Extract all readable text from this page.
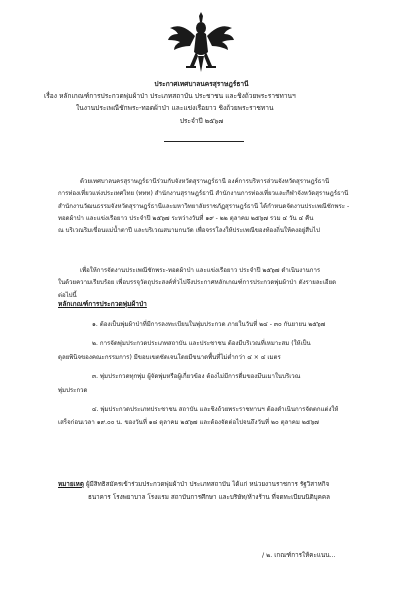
ประกาศเทศบาลนครสุราษฎร์ธานี
เรื่อง หลักเกณฑ์การประกวดพุ่มผ้าป่า ประเภทสถาบัน ประชาชน และชิงถ้วยพระราชทานฯ
ในงานประเพณีชักพระ-ทอดผ้าป่า และแข่งเรือยาว ชิงถ้วยพระราชทาน
ประจำปี ๒๕๖๗
ด้วยเทศบาลนครสุราษฎร์ธานีร่วมกับจังหวัดสุราษฎร์ธานี องค์การบริหารส่วนจังหวัดสุราษฎร์ธานี
การท่องเที่ยวแห่งประเทศไทย (ททท) สำนักงานสุราษฎร์ธานี สำนักงานการท่องเที่ยวและกีฬาจังหวัดสุราษฎร์ธานี
สำนักงานวัฒนธรรมจังหวัดสุราษฎร์ธานีและมหาวิทยาลัยราชภัฏสุราษฎร์ธานี ได้กำหนดจัดงานประเพณีชักพระ -
ทอดผ้าป่า และแข่งเรือยาว ประจำปี ๒๕๖๗ ระหว่างวันที่ ๑๙ - ๒๒ ตุลาคม ๒๕๖๗ รวม ๔ วัน ๔ คืน
ณ บริเวณริมเขื่อนแม่น้ำตาปี และบริเวณสนามกนวัด เพื่อจรรโลงให้ประเพณีของท้องถิ่นให้คงอยู่สืบไป
เพื่อให้การจัดงานประเพณีชักพระ-ทอดผ้าป่า และแข่งเรือยาว ประจำปี ๒๕๖๗ ดำเนินงานการ
ในด้วยความเรียบร้อย เพื่อบรรจุวัตถุประสงค์ทั่วไปจึงประกาศหลักเกณฑ์การประกวดพุ่มผ้าป่า ดังรายละเอียด
ต่อไปนี้
หลักเกณฑ์การประกวดพุ่มผ้าป่า
๑. ต้องเป็นพุ่มผ้าป่าที่มีการลงทะเบียนในพุ่มประกวด ภายในวันที่ ๒๔ - ๓๐ กันยายน ๒๕๖๗
๒. การจัดพุ่มประกวดประเภทสถาบัน และประชาชน ต้องมีบริเวณที่เหมาะสม (ให้เป็น
ดุลยพินิจของคณะกรรมการ) มีขอบเขตชัดเจนโดยมีขนาดพื้นที่ไม่ต่ำกว่า ๔ × ๔ เมตร
๓. พุ่มประกวดทุกพุ่ม ผู้จัดพุ่มหรือผู้เกี่ยวข้อง ต้องไม่มีการดื่มของมึนเมาในบริเวณ
พุ่มประกวด
๔. พุ่มประกวดประเภทประชาชน สถาบัน และชิงถ้วยพระราชทานฯ ต้องดำเนินการจัดตกแต่งให้
เสร็จก่อนเวลา ๑๙.๐๐ น. ของวันที่ ๑๘ ตุลาคม ๒๕๖๗ และต้องจัดต่อไปจนถึงวันที่ ๒๐ ตุลาคม ๒๕๖๗
หมายเหตุ ผู้มีสิทธิสมัครเข้าร่วมประกวดพุ่มผ้าป่า ประเภทสถาบัน ได้แก่ หน่วยงานราชการ รัฐวิสาหกิจ
ธนาคาร โรงพยาบาล โรงแรม สถาบันการศึกษา และบริษัท/ห้างร้าน ที่จดทะเบียนนิติบุคคล
/ ๒. เกณฑ์การให้คะแนน...
